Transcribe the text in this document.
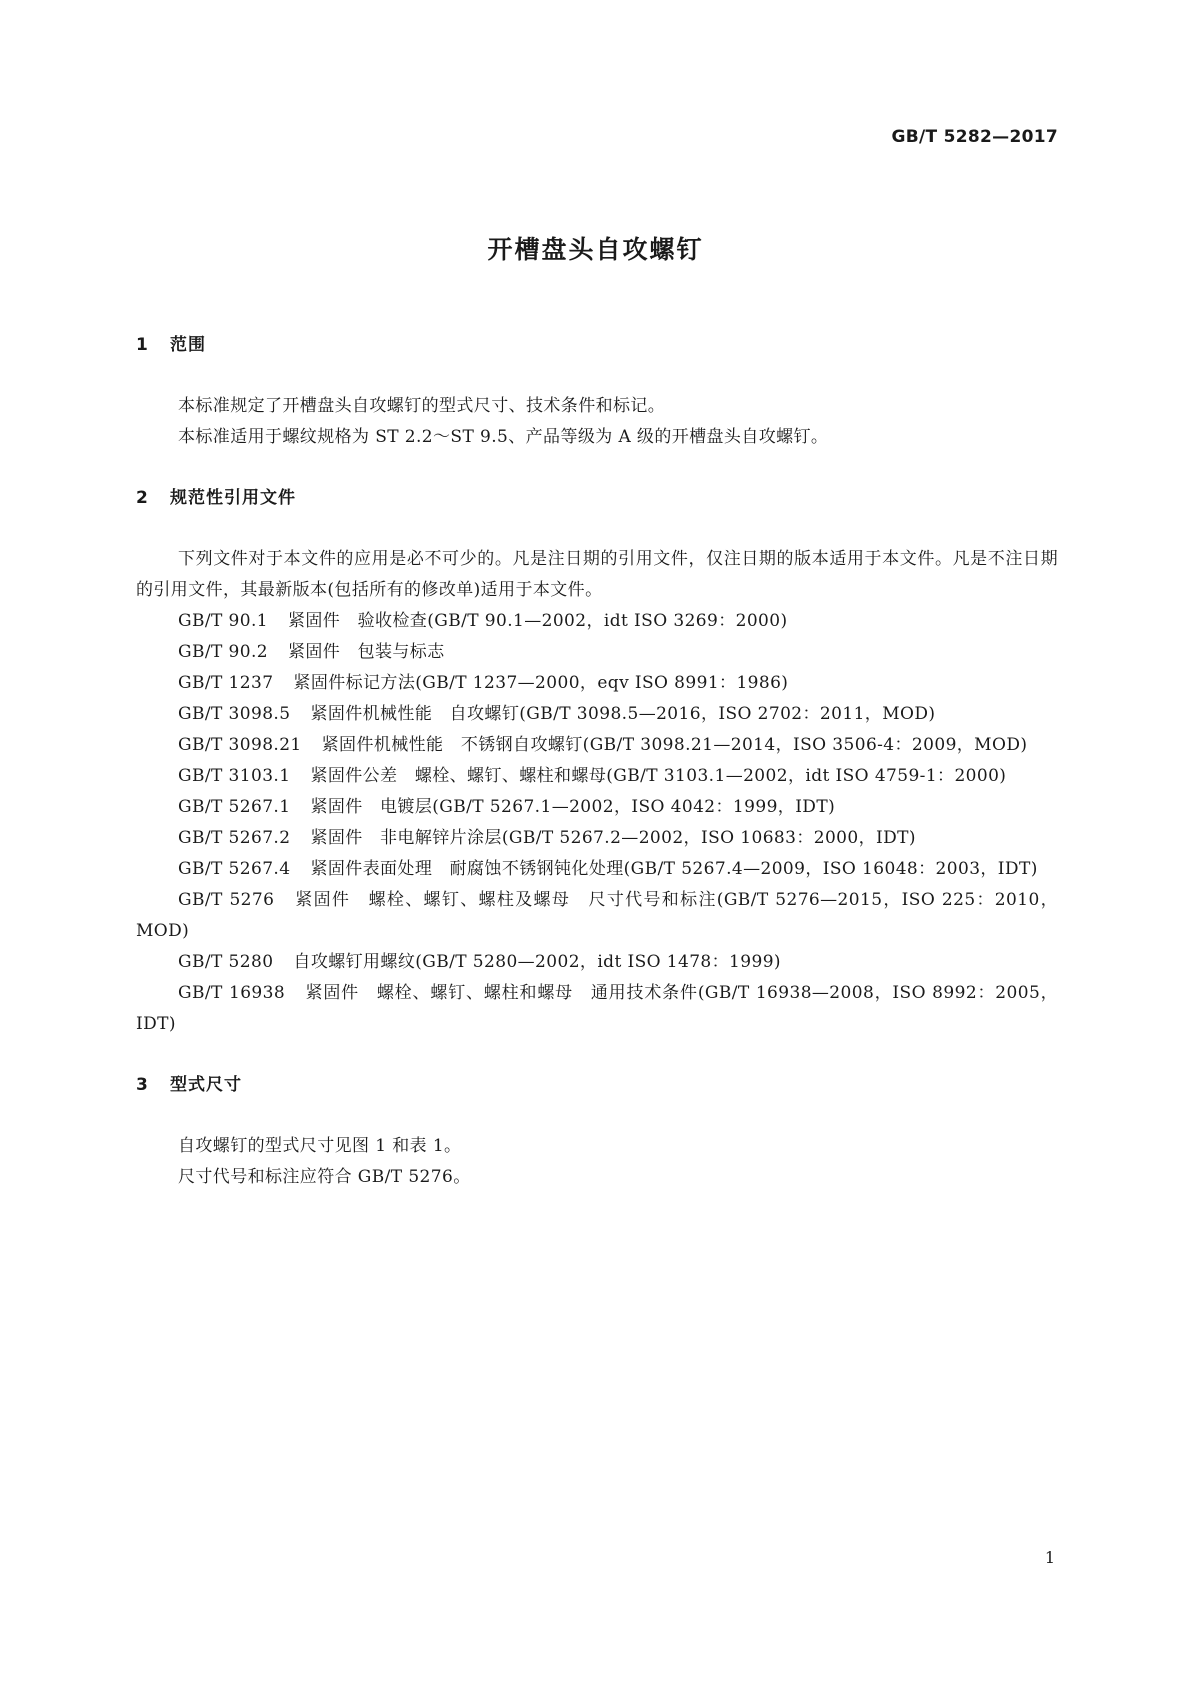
GB/T 5282—2017
开槽盘头自攻螺钉
1 范围

本标准规定了开槽盘头自攻螺钉的型式尺寸、技术条件和标记。

本标准适用于螺纹规格为 ST 2.2～ST 9.5、产品等级为 A 级的开槽盘头自攻螺钉。

2 规范性引用文件

下列文件对于本文件的应用是必不可少的。凡是注日期的引用文件，仅注日期的版本适用于本文件。凡是不注日期的引用文件，其最新版本(包括所有的修改单)适用于本文件。

GB/T 90.1 紧固件　验收检查(GB/T 90.1—2002，idt ISO 3269：2000)

GB/T 90.2 紧固件　包装与标志

GB/T 1237 紧固件标记方法(GB/T 1237—2000，eqv ISO 8991：1986)

GB/T 3098.5 紧固件机械性能　自攻螺钉(GB/T 3098.5—2016，ISO 2702：2011，MOD)

GB/T 3098.21 紧固件机械性能　不锈钢自攻螺钉(GB/T 3098.21—2014，ISO 3506-4：2009，MOD)

GB/T 3103.1 紧固件公差　螺栓、螺钉、螺柱和螺母(GB/T 3103.1—2002，idt ISO 4759-1：2000)

GB/T 5267.1 紧固件　电镀层(GB/T 5267.1—2002，ISO 4042：1999，IDT)

GB/T 5267.2 紧固件　非电解锌片涂层(GB/T 5267.2—2002，ISO 10683：2000，IDT)

GB/T 5267.4 紧固件表面处理　耐腐蚀不锈钢钝化处理(GB/T 5267.4—2009，ISO 16048：2003，IDT)

GB/T 5276 紧固件　螺栓、螺钉、螺柱及螺母　尺寸代号和标注(GB/T 5276—2015，ISO 225：2010，MOD)

GB/T 5280 自攻螺钉用螺纹(GB/T 5280—2002，idt ISO 1478：1999)

GB/T 16938 紧固件　螺栓、螺钉、螺柱和螺母　通用技术条件(GB/T 16938—2008，ISO 8992：2005，IDT)

3 型式尺寸

自攻螺钉的型式尺寸见图 1 和表 1。

尺寸代号和标注应符合 GB/T 5276。

1
